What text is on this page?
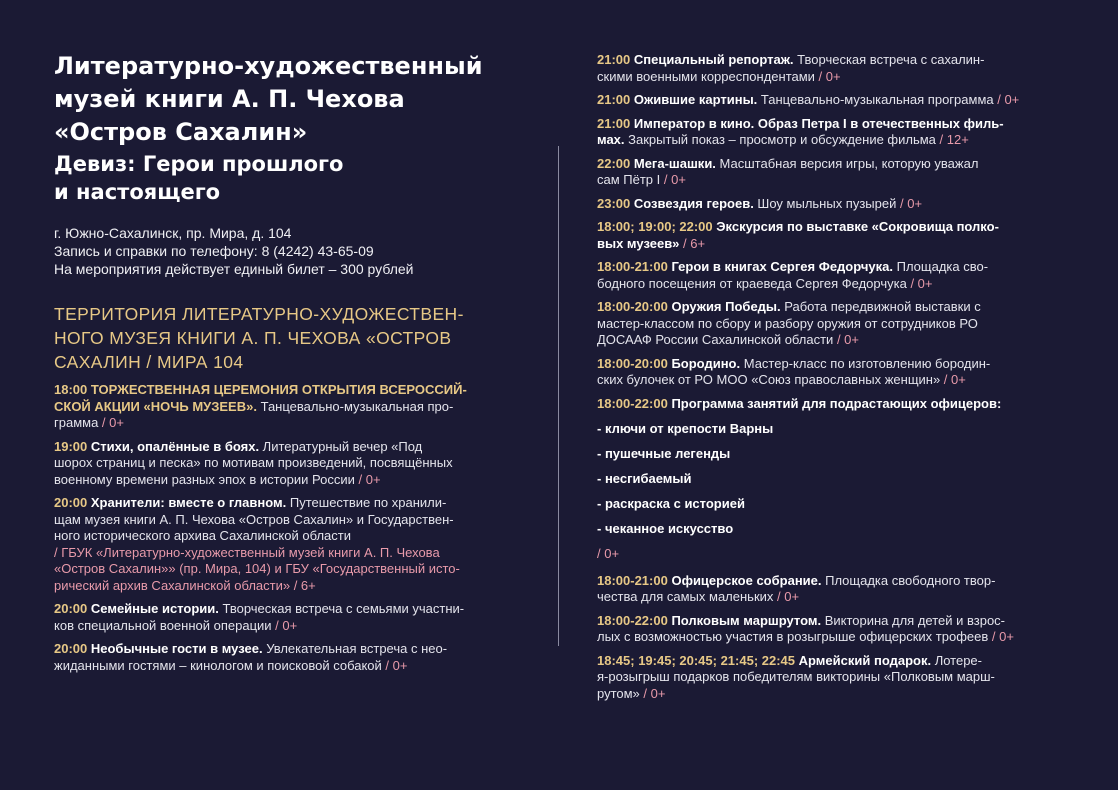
Литературно-художественный
музей книги А. П. Чехова
«Остров Сахалин»
Девиз: Герои прошлого
и настоящего
г. Южно-Сахалинск, пр. Мира, д. 104
Запись и справки по телефону: 8 (4242) 43-65-09
На мероприятия действует единый билет – 300 рублей
ТЕРРИТОРИЯ ЛИТЕРАТУРНО-ХУДОЖЕСТВЕН-
НОГО МУЗЕЯ КНИГИ А. П. ЧЕХОВА «ОСТРОВ
САХАЛИН / МИРА 104
18:00 ТОРЖЕСТВЕННАЯ ЦЕРЕМОНИЯ ОТКРЫТИЯ ВСЕРОССИЙ-
СКОЙ АКЦИИ «НОЧЬ МУЗЕЕВ». Танцевально-музыкальная про-
грамма / 0+
19:00 Стихи, опалённые в боях. Литературный вечер «Под
шорох страниц и песка» по мотивам произведений, посвящённых
военному времени разных эпох в истории России / 0+
20:00 Хранители: вместе о главном. Путешествие по хранили-
щам музея книги А. П. Чехова «Остров Сахалин» и Государствен-
ного исторического архива Сахалинской области
/ ГБУК «Литературно-художественный музей книги А. П. Чехова
«Остров Сахалин»» (пр. Мира, 104) и ГБУ «Государственный исто-
рический архив Сахалинской области» / 6+
20:00 Семейные истории. Творческая встреча с семьями участни-
ков специальной военной операции / 0+
20:00 Необычные гости в музее. Увлекательная встреча с нео-
жиданными гостями – кинологом и поисковой собакой / 0+
21:00 Специальный репортаж. Творческая встреча с сахалин-
скими военными корреспондентами / 0+
21:00 Ожившие картины. Танцевально-музыкальная программа / 0+
21:00 Император в кино. Образ Петра I в отечественных филь-
мах. Закрытый показ – просмотр и обсуждение фильма / 12+
22:00 Мега-шашки. Масштабная версия игры, которую уважал
сам Пётр I / 0+
23:00 Созвездия героев. Шоу мыльных пузырей / 0+
18:00; 19:00; 22:00 Экскурсия по выставке «Сокровища полко-
вых музеев» / 6+
18:00-21:00 Герои в книгах Сергея Федорчука. Площадка сво-
бодного посещения от краеведа Сергея Федорчука / 0+
18:00-20:00 Оружия Победы. Работа передвижной выставки с
мастер-классом по сбору и разбору оружия от сотрудников РО
ДОСААФ России Сахалинской области / 0+
18:00-20:00 Бородино. Мастер-класс по изготовлению бородин-
ских булочек от РО МОО «Союз православных женщин» / 0+
18:00-22:00 Программа занятий для подрастающих офицеров:
- ключи от крепости Варны
- пушечные легенды
- несгибаемый
- раскраска с историей
- чеканное искусство
/ 0+
18:00-21:00 Офицерское собрание. Площадка свободного твор-
чества для самых маленьких / 0+
18:00-22:00 Полковым маршрутом. Викторина для детей и взрос-
лых с возможностью участия в розыгрыше офицерских трофеев / 0+
18:45; 19:45; 20:45; 21:45; 22:45 Армейский подарок. Лотере-
я-розыгрыш подарков победителям викторины «Полковым марш-
рутом» / 0+
